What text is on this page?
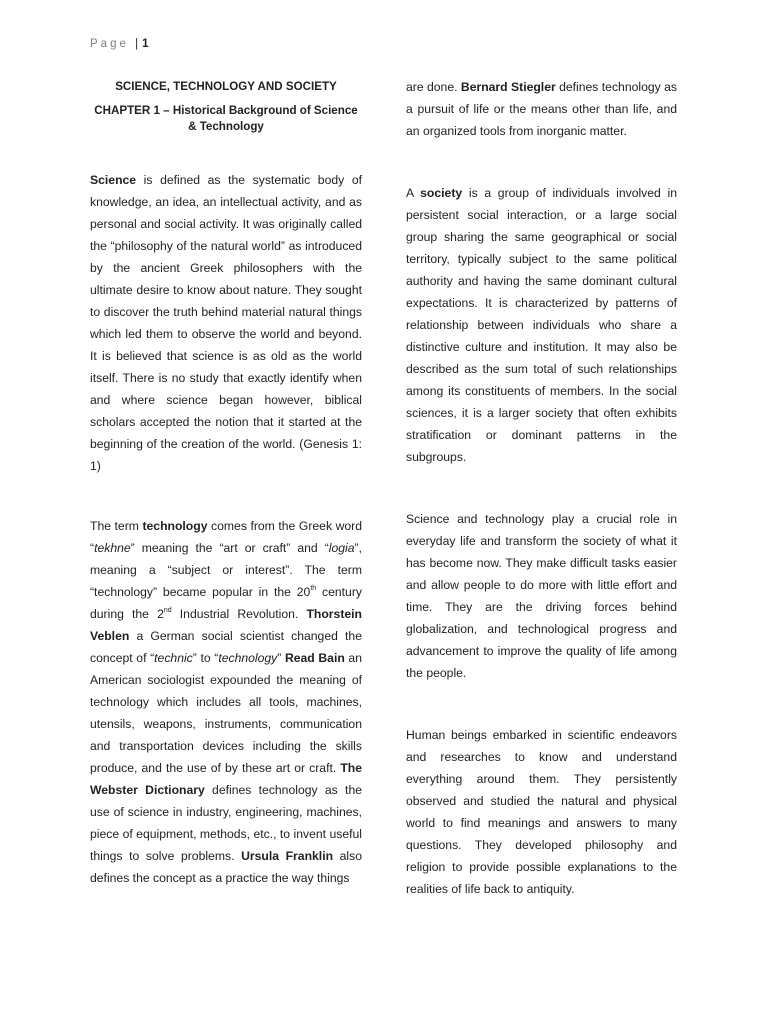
Page | 1

SCIENCE, TECHNOLOGY AND SOCIETY

CHAPTER 1 – Historical Background of Science
& Technology

Science is defined as the systematic body of knowledge, an idea, an intellectual activity, and as personal and social activity. It was originally called the “philosophy of the natural world” as introduced by the ancient Greek philosophers with the ultimate desire to know about nature. They sought to discover the truth behind material natural things which led them to observe the world and beyond. It is believed that science is as old as the world itself. There is no study that exactly identify when and where science began however, biblical scholars accepted the notion that it started at the beginning of the creation of the world. (Genesis 1: 1)

The term technology comes from the Greek word “tekhne” meaning the “art or craft” and “logia”, meaning a “subject or interest”. The term “technology” became popular in the 20th century during the 2nd Industrial Revolution. Thorstein Veblen a German social scientist changed the concept of “technic” to “technology” Read Bain an American sociologist expounded the meaning of technology which includes all tools, machines, utensils, weapons, instruments, communication and transportation devices including the skills produce, and the use of by these art or craft. The Webster Dictionary defines technology as the use of science in industry, engineering, machines, piece of equipment, methods, etc., to invent useful things to solve problems. Ursula Franklin also defines the concept as a practice the way things

are done. Bernard Stiegler defines technology as a pursuit of life or the means other than life, and an organized tools from inorganic matter.

A society is a group of individuals involved in persistent social interaction, or a large social group sharing the same geographical or social territory, typically subject to the same political authority and having the same dominant cultural expectations. It is characterized by patterns of relationship between individuals who share a distinctive culture and institution. It may also be described as the sum total of such relationships among its constituents of members. In the social sciences, it is a larger society that often exhibits stratification or dominant patterns in the subgroups.

Science and technology play a crucial role in everyday life and transform the society of what it has become now. They make difficult tasks easier and allow people to do more with little effort and time. They are the driving forces behind globalization, and technological progress and advancement to improve the quality of life among the people.

Human beings embarked in scientific endeavors and researches to know and understand everything around them. They persistently observed and studied the natural and physical world to find meanings and answers to many questions. They developed philosophy and religion to provide possible explanations to the realities of life back to antiquity.
